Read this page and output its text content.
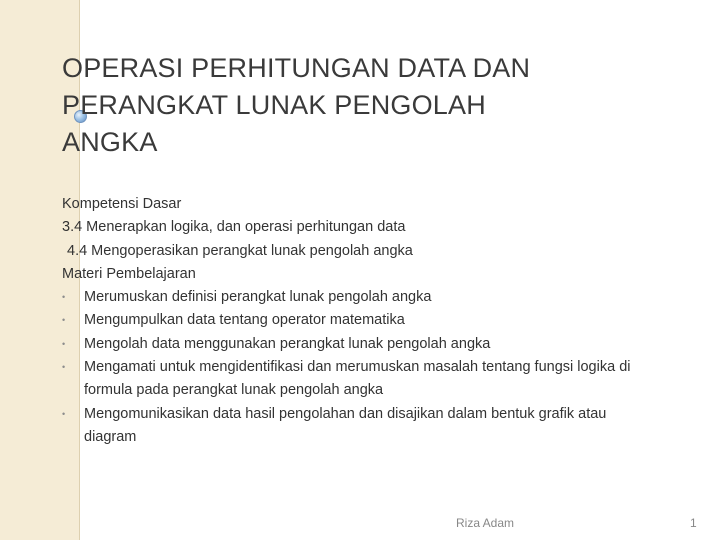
OPERASI PERHITUNGAN DATA DAN
PERANGKAT LUNAK PENGOLAH
ANGKA
Kompetensi Dasar
3.4 Menerapkan logika, dan operasi perhitungan data
4.4 Mengoperasikan perangkat lunak pengolah angka
Materi Pembelajaran
• Merumuskan definisi perangkat lunak pengolah angka
• Mengumpulkan data tentang operator matematika
• Mengolah data menggunakan perangkat lunak pengolah angka
• Mengamati untuk mengidentifikasi dan merumuskan masalah tentang fungsi logika di formula pada perangkat lunak pengolah angka
• Mengomunikasikan data hasil pengolahan dan disajikan dalam bentuk grafik atau diagram
Riza Adam	1
